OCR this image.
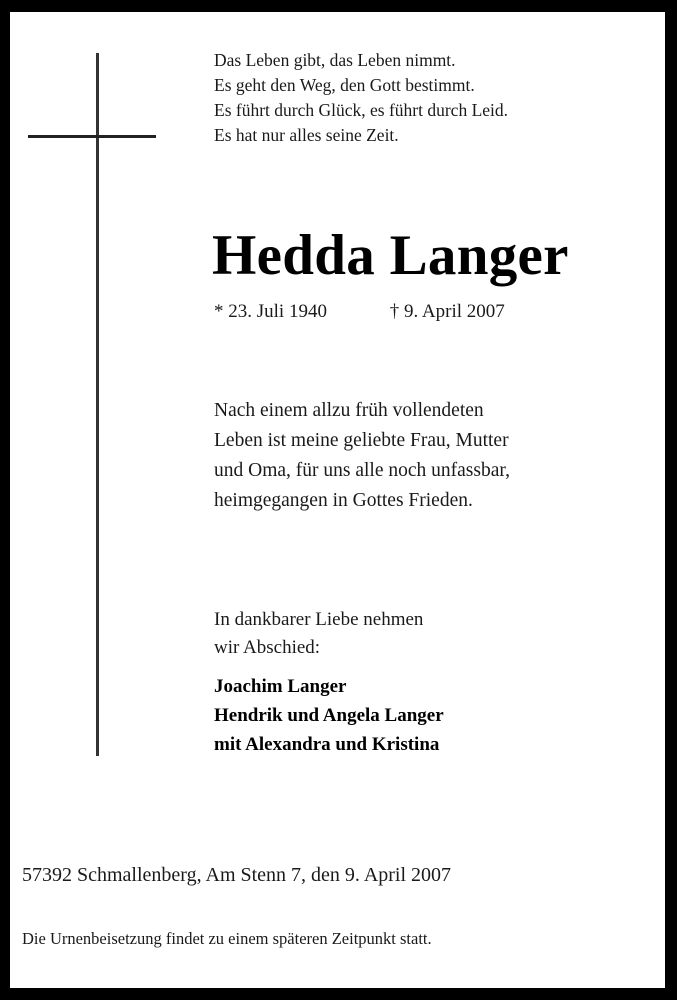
Das Leben gibt, das Leben nimmt.
Es geht den Weg, den Gott bestimmt.
Es führt durch Glück, es führt durch Leid.
Es hat nur alles seine Zeit.
Hedda Langer
* 23. Juli 1940	† 9. April 2007
Nach einem allzu früh vollendeten
Leben ist meine geliebte Frau, Mutter
und Oma, für uns alle noch unfassbar,
heimgegangen in Gottes Frieden.
In dankbarer Liebe nehmen
wir Abschied:
Joachim Langer
Hendrik und Angela Langer
mit Alexandra und Kristina
57392 Schmallenberg, Am Stenn 7, den 9. April 2007
Die Urnenbeisetzung findet zu einem späteren Zeitpunkt statt.
